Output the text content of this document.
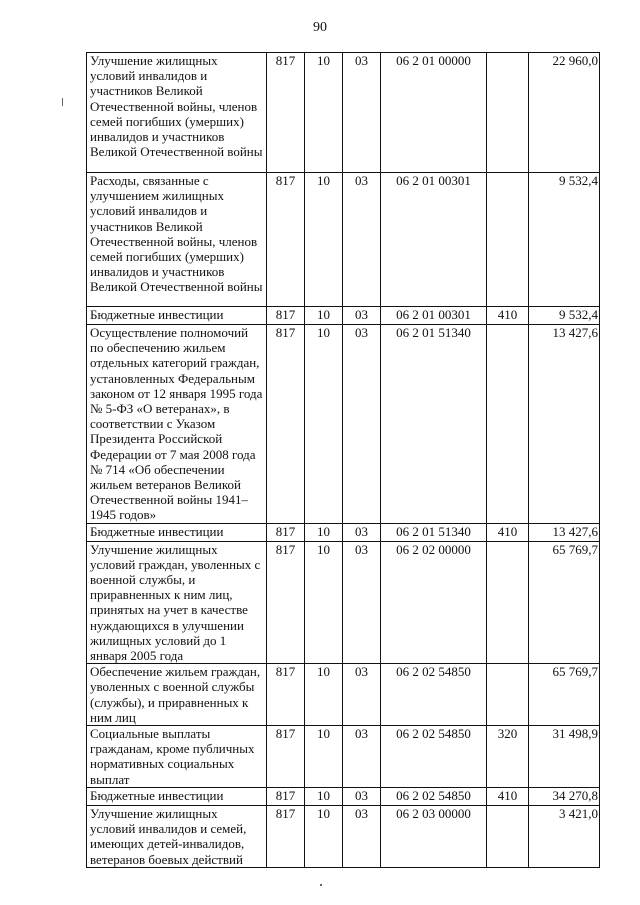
90
Улучшение жилищных условий инвалидов и участников Великой Отечественной войны, членов семей погибших (умерших) инвалидов и участников Великой Отечественной войны	817	10	03	06 2 01 00000		22 960,0
Расходы, связанные с улучшением жилищных условий инвалидов и участников Великой Отечественной войны, членов семей погибших (умерших) инвалидов и участников Великой Отечественной войны	817	10	03	06 2 01 00301		9 532,4
Бюджетные инвестиции	817	10	03	06 2 01 00301	410	9 532,4
Осуществление полномочий по обеспечению жильем отдельных категорий граждан, установленных Федеральным законом от 12 января 1995 года № 5-ФЗ «О ветеранах», в соответствии с Указом Президента Российской Федерации от 7 мая 2008 года № 714 «Об обеспечении жильем ветеранов Великой Отечественной войны 1941–1945 годов»	817	10	03	06 2 01 51340		13 427,6
Бюджетные инвестиции	817	10	03	06 2 01 51340	410	13 427,6
Улучшение жилищных условий граждан, уволенных с военной службы, и приравненных к ним лиц, принятых на учет в качестве нуждающихся в улучшении жилищных условий до 1 января 2005 года	817	10	03	06 2 02 00000		65 769,7
Обеспечение жильем граждан, уволенных с военной службы (службы), и приравненных к ним лиц	817	10	03	06 2 02 54850		65 769,7
Социальные выплаты гражданам, кроме публичных нормативных социальных выплат	817	10	03	06 2 02 54850	320	31 498,9
Бюджетные инвестиции	817	10	03	06 2 02 54850	410	34 270,8
Улучшение жилищных условий инвалидов и семей, имеющих детей-инвалидов, ветеранов боевых действий	817	10	03	06 2 03 00000		3 421,0
